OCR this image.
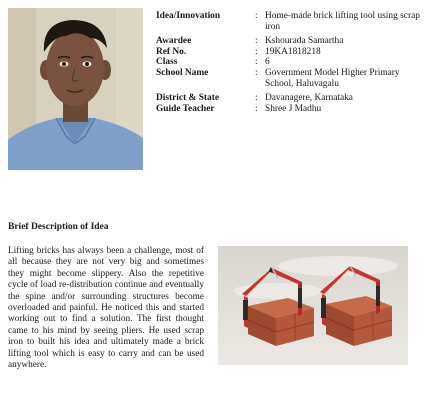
Idea/Innovation	: Home-made brick lifting tool using scrap iron
Awardee	: Kshourada Samartha
Ref No.	: 19KA1818218
Class	: 6
School Name	: Government Model Higher Primary School, Haluvagalu
District & State	: Davanagere, Karnataka
Guide Teacher	: Shree J Madhu
Brief Description of Idea
Lifting bricks has always been a challenge, most of all because they are not very big and sometimes they might become slippery. Also the repetitive cycle of load re-distribution continue and eventually the spine and/or surrounding structures become overloaded and painful. He noticed this and started working out to find a solution. The first thought came to his mind by seeing pliers. He used scrap iron to built his idea and ultimately made a brick lifting tool which is easy to carry and can be used anywhere.
